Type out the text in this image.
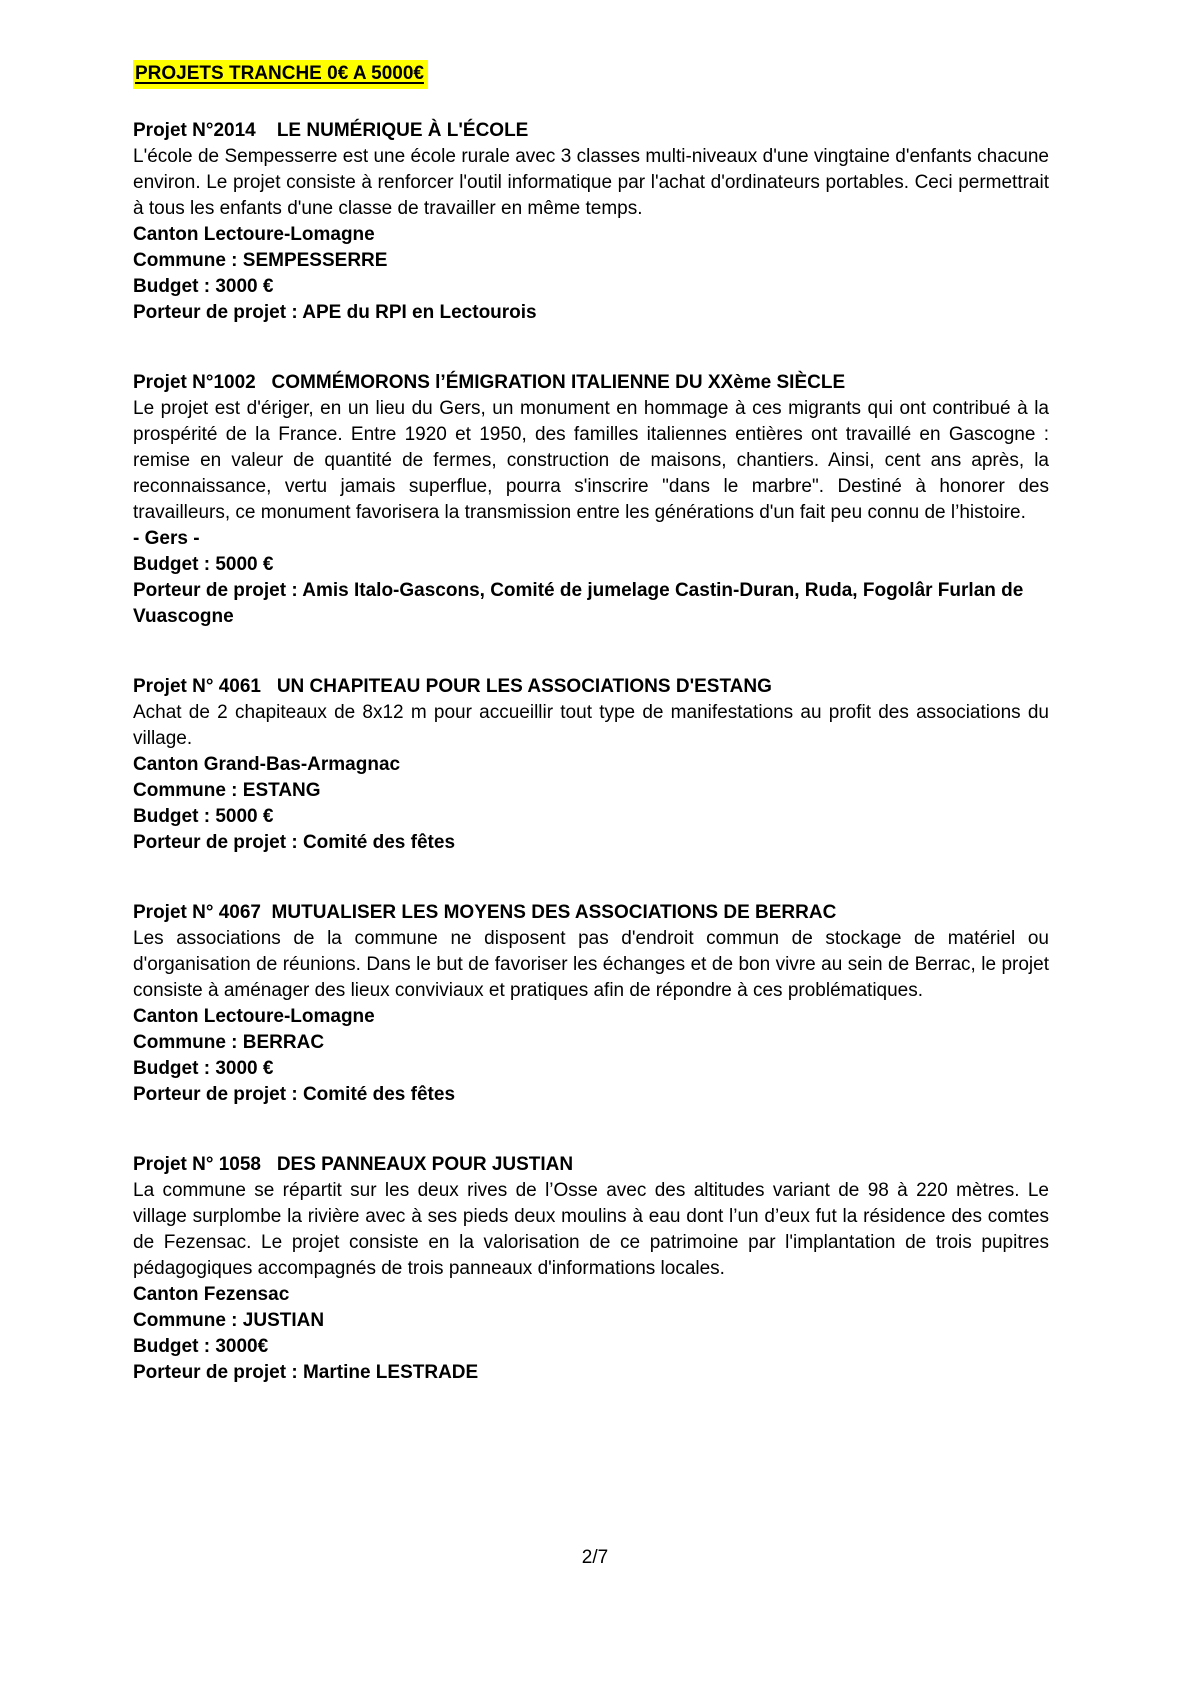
PROJETS TRANCHE 0€ A 5000€

Projet N°2014    LE NUMÉRIQUE À L'ÉCOLE

L'école de Sempesserre est une école rurale avec 3 classes multi-niveaux d'une vingtaine d'enfants chacune environ. Le projet consiste à renforcer l'outil informatique par l'achat d'ordinateurs portables. Ceci permettrait à tous les enfants d'une classe de travailler en même temps.

Canton Lectoure-Lomagne

Commune : SEMPESSERRE

Budget : 3000 €

Porteur de projet : APE du RPI en Lectourois

Projet N°1002   COMMÉMORONS l’ÉMIGRATION ITALIENNE DU XXème SIÈCLE

Le projet est d'ériger, en un lieu du Gers, un monument en hommage à ces migrants qui ont contribué à la prospérité de la France. Entre 1920 et 1950, des familles italiennes entières ont travaillé en Gascogne : remise en valeur de quantité de fermes, construction de maisons, chantiers. Ainsi, cent ans après, la reconnaissance, vertu jamais superflue, pourra s'inscrire "dans le marbre". Destiné à honorer des travailleurs, ce monument favorisera la transmission entre les générations d'un fait peu connu de l’histoire.

- Gers -

Budget : 5000 €

Porteur de projet : Amis Italo-Gascons, Comité de jumelage Castin-Duran, Ruda, Fogolâr Furlan de Vuascogne

Projet N° 4061   UN CHAPITEAU POUR LES ASSOCIATIONS D'ESTANG

Achat de 2 chapiteaux de 8x12 m pour accueillir tout type de manifestations au profit des associations du village.

Canton Grand-Bas-Armagnac

Commune : ESTANG

Budget : 5000 €

Porteur de projet : Comité des fêtes

Projet N° 4067  MUTUALISER LES MOYENS DES ASSOCIATIONS DE BERRAC

Les associations de la commune ne disposent pas d'endroit commun de stockage de matériel ou d'organisation de réunions. Dans le but de favoriser les échanges et de bon vivre au sein de Berrac, le projet consiste à aménager des lieux conviviaux et pratiques afin de répondre à ces problématiques.

Canton Lectoure-Lomagne

Commune : BERRAC

Budget : 3000 €

Porteur de projet : Comité des fêtes

Projet N° 1058   DES PANNEAUX POUR JUSTIAN

La commune se répartit sur les deux rives de l’Osse avec des altitudes variant de 98 à 220 mètres. Le village surplombe la rivière avec à ses pieds deux moulins à eau dont l’un d’eux fut la résidence des comtes de Fezensac. Le projet consiste en la valorisation de ce patrimoine par l'implantation de trois pupitres pédagogiques accompagnés de trois panneaux d'informations locales.

Canton Fezensac

Commune : JUSTIAN

Budget : 3000€

Porteur de projet : Martine LESTRADE

2/7
